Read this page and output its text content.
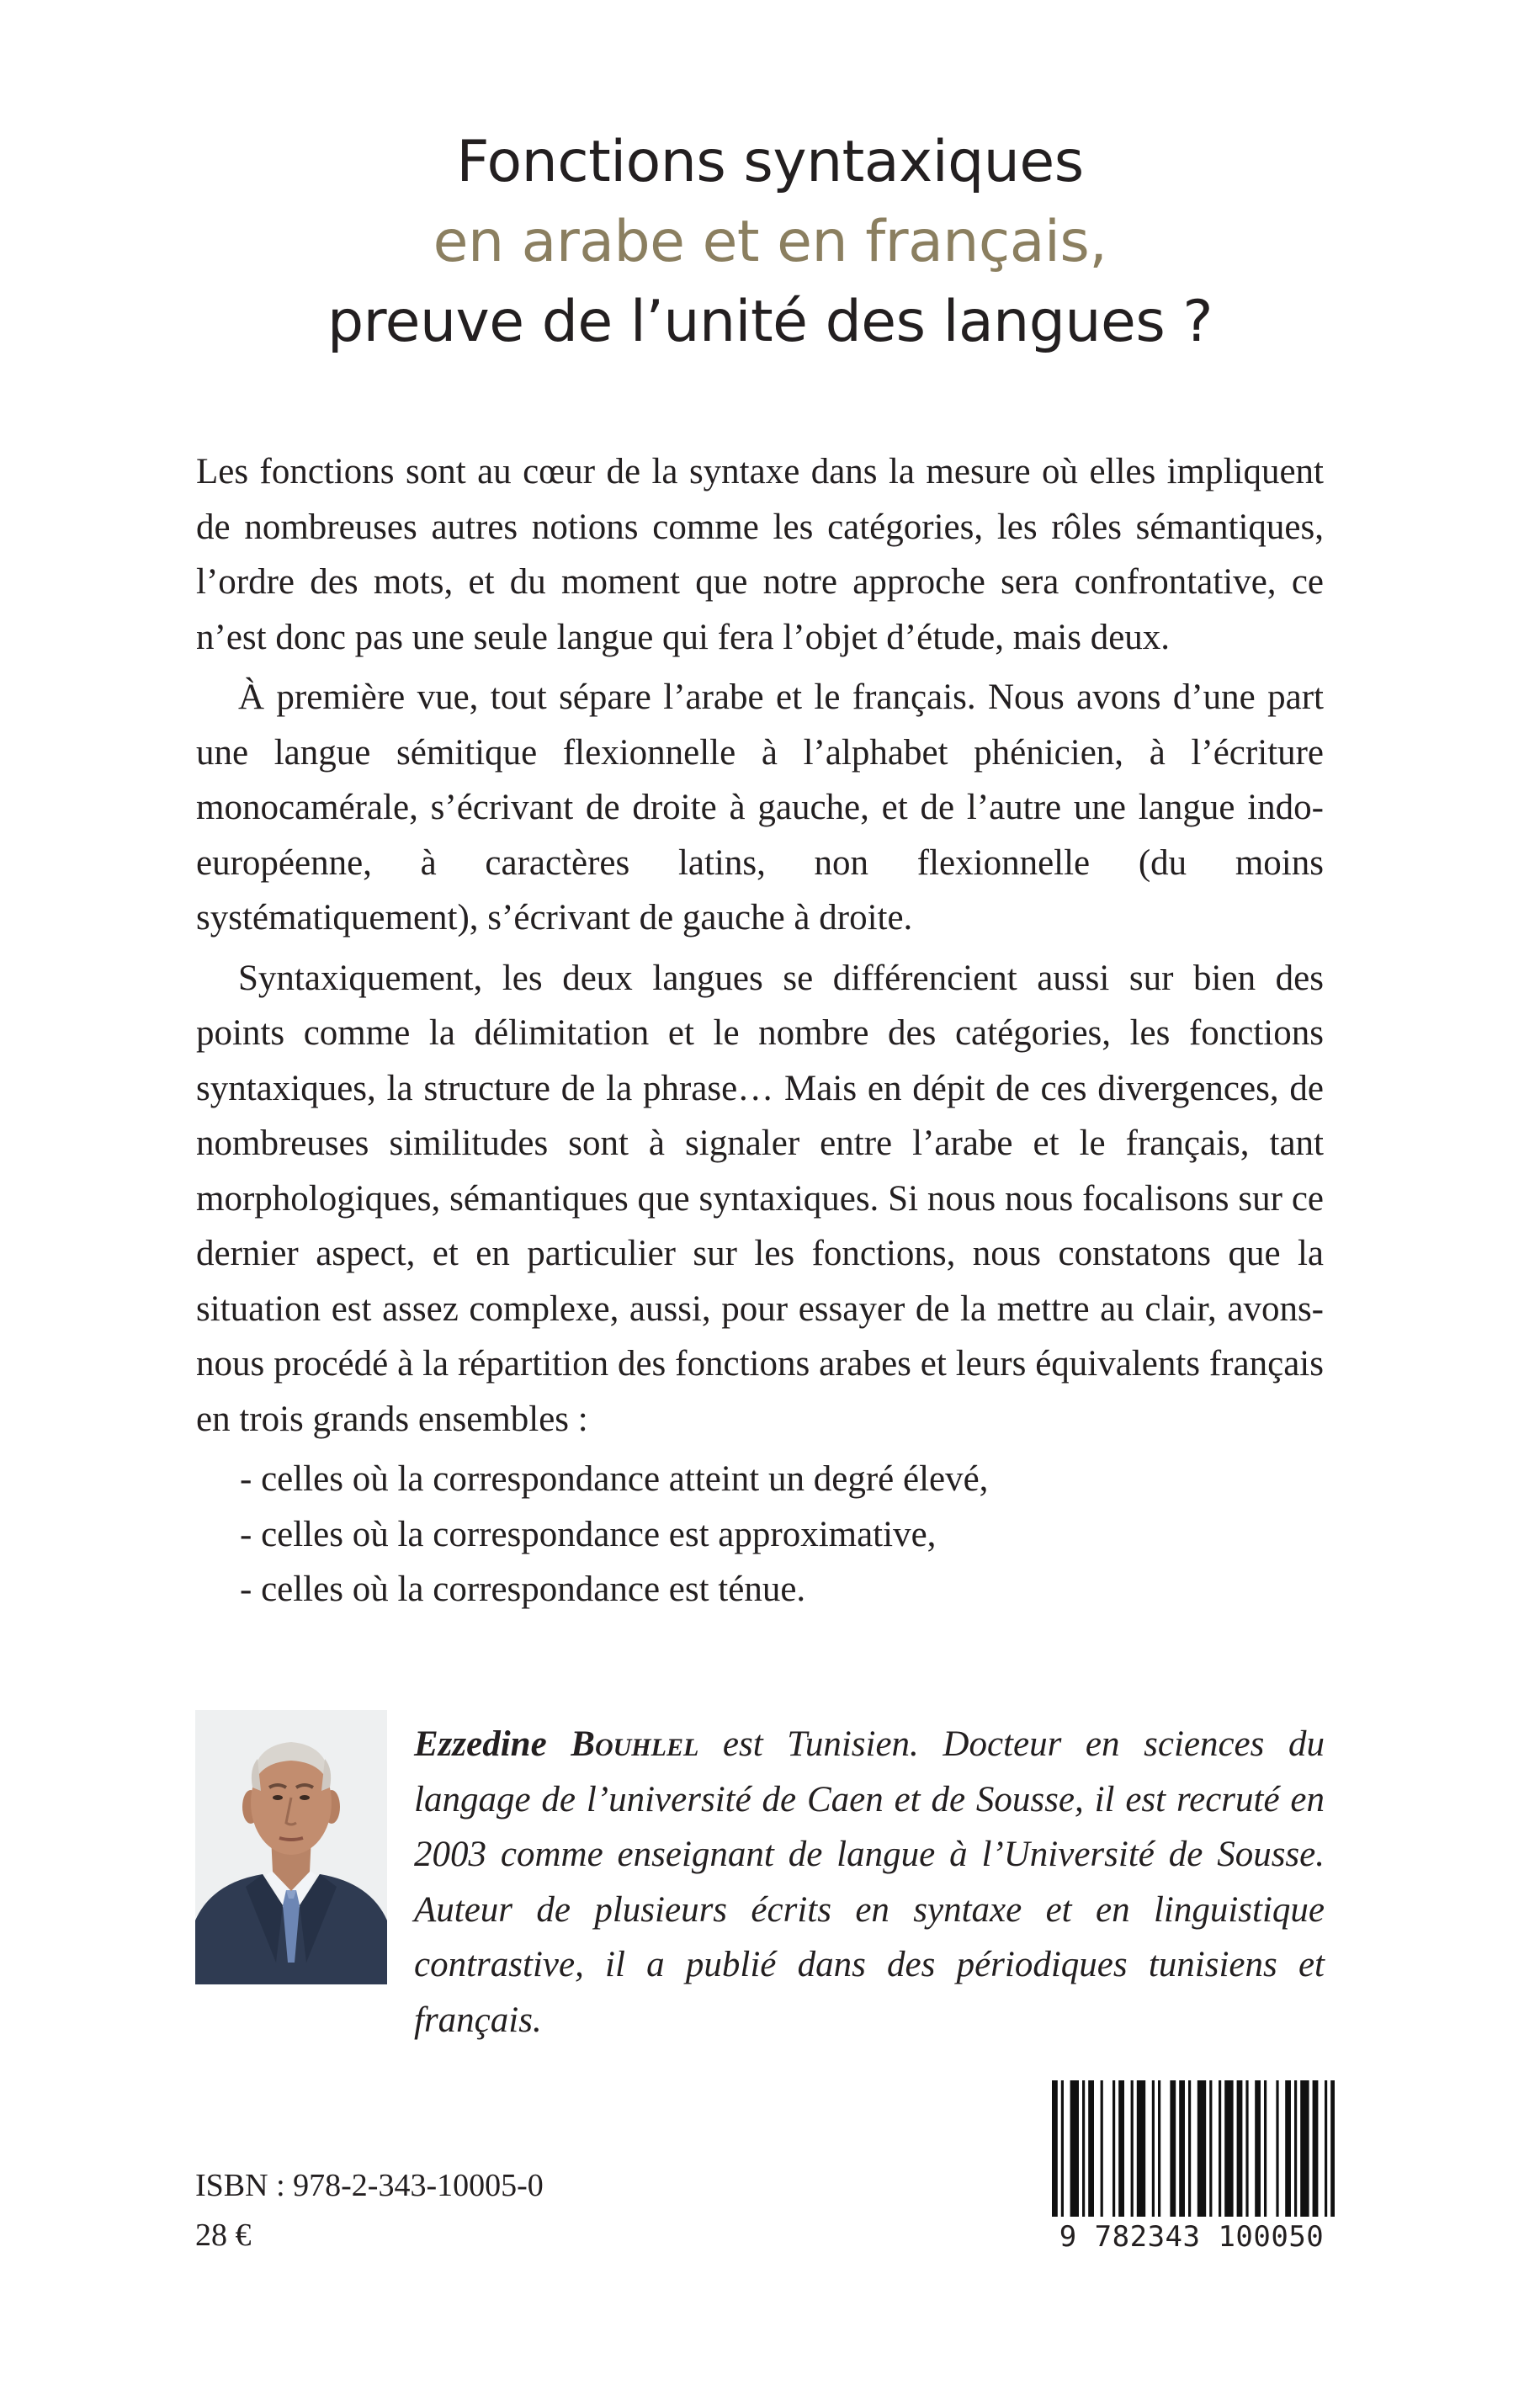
Fonctions syntaxiques
en arabe et en français,
preuve de l’unité des langues ?

Les fonctions sont au cœur de la syntaxe dans la mesure où elles impliquent de nombreuses autres notions comme les catégories, les rôles sémantiques, l’ordre des mots, et du moment que notre approche sera confrontative, ce n’est donc pas une seule langue qui fera l’objet d’étude, mais deux.

À première vue, tout sépare l’arabe et le français. Nous avons d’une part une langue sémitique flexionnelle à l’alphabet phénicien, à l’écriture monocamérale, s’écrivant de droite à gauche, et de l’autre une langue indo-européenne, à caractères latins, non flexionnelle (du moins systématiquement), s’écrivant de gauche à droite.

Syntaxiquement, les deux langues se différencient aussi sur bien des points comme la délimitation et le nombre des catégories, les fonctions syntaxiques, la structure de la phrase… Mais en dépit de ces divergences, de nombreuses similitudes sont à signaler entre l’arabe et le français, tant morphologiques, sémantiques que syntaxiques. Si nous nous focalisons sur ce dernier aspect, et en particulier sur les fonctions, nous constatons que la situation est assez complexe, aussi, pour essayer de la mettre au clair, avons-nous procédé à la répartition des fonctions arabes et leurs équivalents français en trois grands ensembles :

- celles où la correspondance atteint un degré élevé,
- celles où la correspondance est approximative,
- celles où la correspondance est ténue.
Ezzedine Bouhlel est Tunisien. Docteur en sciences du langage de l’université de Caen et de Sousse, il est recruté en 2003 comme enseignant de langue à l’Université de Sousse. Auteur de plusieurs écrits en syntaxe et en linguistique contrastive, il a publié dans des périodiques tunisiens et français.
ISBN : 978-2-343-10005-0
28 €	9 782343 100050
